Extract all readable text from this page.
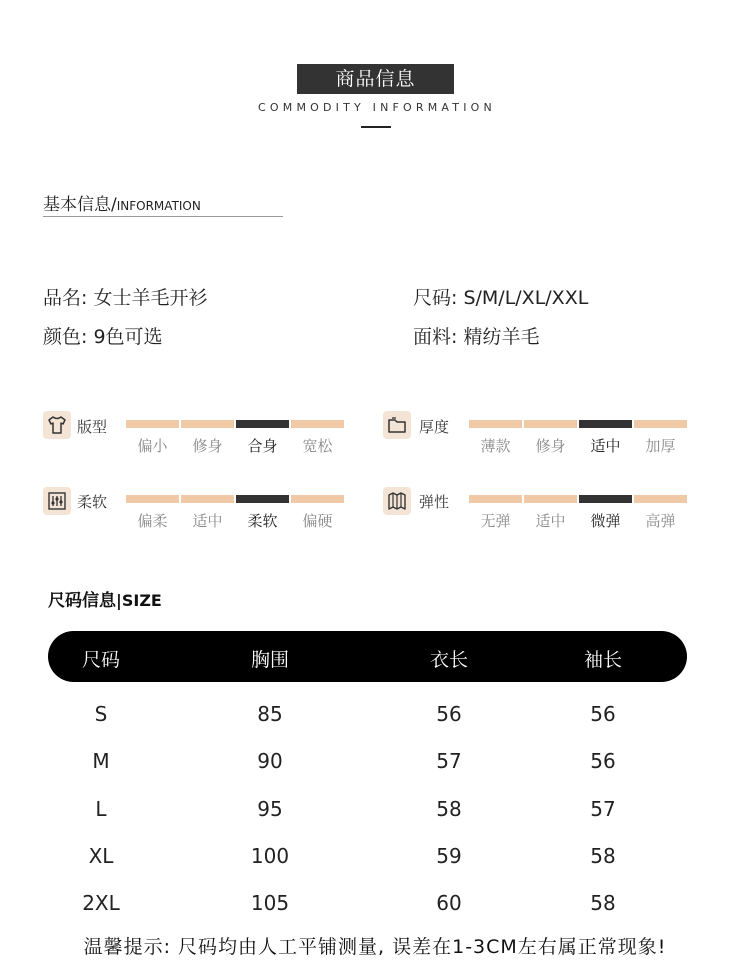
商品信息
COMMODITY INFORMATION
基本信息/INFORMATION
品名: 女士羊毛开衫
颜色: 9色可选
尺码: S/M/L/XL/XXL
面料: 精纺羊毛
版型
偏小	修身	合身	宽松
厚度
薄款	修身	适中	加厚
柔软
偏柔	适中	柔软	偏硬
弹性
无弹	适中	微弹	高弹
尺码信息|SIZE
尺码	胸围	衣长	袖长
S	85	56	56
M	90	57	56
L	95	58	57
XL	100	59	58
2XL	105	60	58
温馨提示: 尺码均由人工平铺测量, 误差在1-3CM左右属正常现象!
